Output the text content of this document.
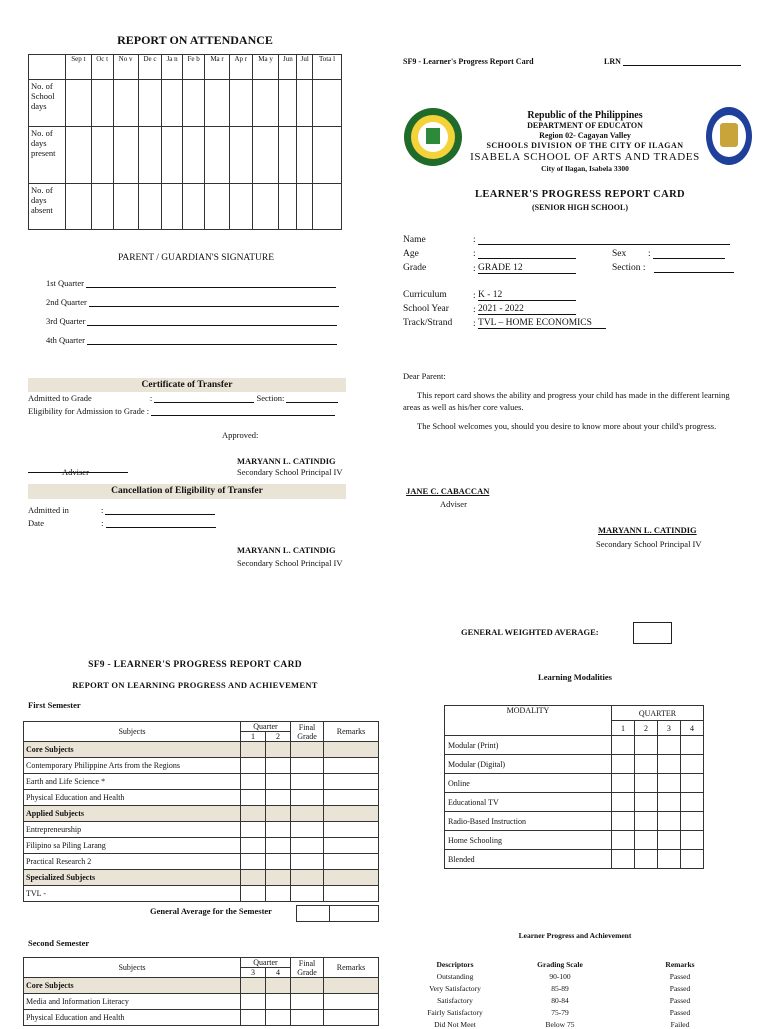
REPORT ON ATTENDANCE
	Sep t	Oc t	No v	De c	Ja n	Fe b	Ma r	Ap r	Ma y	Jun	Jul	Tota l
No. of School days												
No. of days present												
No. of days absent												
PARENT / GUARDIAN'S SIGNATURE
1st Quarter
2nd Quarter
3rd Quarter
4th Quarter
Certificate of Transfer
Admitted to Grade	:	Section:
Eligibility for Admission to Grade :
Approved:
Adviser
MARYANN L. CATINDIG
Secondary School Principal IV
Cancellation of Eligibility of Transfer
Admitted in	:
Date	:
MARYANN L. CATINDIG
Secondary School Principal IV
SF9 - Learner's Progress Report Card	LRN
Republic of the Philippines
DEPARTMENT OF EDUCATON
Region 02- Cagayan Valley
SCHOOLS DIVISION OF THE CITY OF ILAGAN
ISABELA SCHOOL OF ARTS AND TRADES
City of Ilagan, Isabela 3300
LEARNER'S PROGRESS REPORT CARD
(SENIOR HIGH SCHOOL)
Name	:
Age	:	Sex :
Grade	: GRADE 12	Section :
Curriculum	: K - 12
School Year	: 2021 - 2022
Track/Strand : TVL – HOME ECONOMICS
Dear Parent:
This report card shows the ability and progress your child has made in the different learning areas as well as his/her core values.
The School welcomes you, should you desire to know more about your child's progress.
JANE C. CABACCAN
Adviser
MARYANN L. CATINDIG
Secondary School Principal IV
GENERAL WEIGHTED AVERAGE:
SF9 - LEARNER'S PROGRESS REPORT CARD
REPORT ON LEARNING PROGRESS AND ACHIEVEMENT
First Semester
Subjects	Quarter		Final Grade	Remarks
	1	2		
Core Subjects				
Contemporary Philippine Arts from the Regions				
Earth and Life Science *				
Physical Education and Health				
Applied Subjects				
Entrepreneurship				
Filipino sa Piling Larang				
Practical Research 2				
Specialized Subjects				
TVL -				
General Average for the Semester

Second Semester
Subjects	Quarter		Final Grade	Remarks
	3	4		
Core Subjects				
Media and Information Literacy				
Physical Education and Health				
Learning Modalities
MODALITY	QUARTER			
	1	2	3	4
Modular (Print)				
Modular (Digital)				
Online				
Educational TV				
Radio-Based Instruction				
Home Schooling				
Blended				
Learner Progress and Achievement
Descriptors	Grading Scale	Remarks
Outstanding	90-100	Passed
Very Satisfactory	85-89	Passed
Satisfactory	80-84	Passed
Fairly Satisfactory	75-79	Passed
Did Not Meet	Below 75	Failed
